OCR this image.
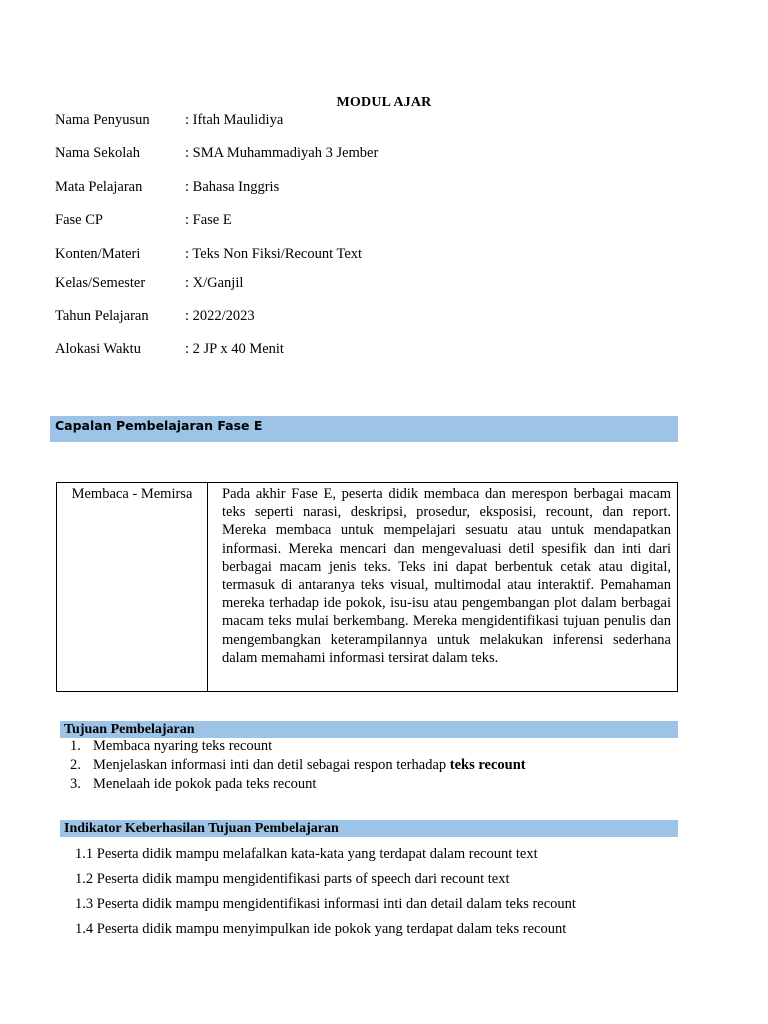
MODUL AJAR
Nama Penyusun : Iftah Maulidiya
Nama Sekolah	: SMA Muhammadiyah 3 Jember
Mata Pelajaran	: Bahasa Inggris
Fase CP	: Fase E
Konten/Materi	: Teks Non Fiksi/Recount Text
Kelas/Semester	: X/Ganjil
Tahun Pelajaran	: 2022/2023
Alokasi Waktu	: 2 JP x 40 Menit
Capalan Pembelajaran Fase E
Membaca - Memirsa	Pada akhir Fase E, peserta didik membaca dan merespon berbagai macam teks seperti narasi, deskripsi, prosedur, eksposisi, recount, dan report. Mereka membaca untuk mempelajari sesuatu atau untuk mendapatkan informasi. Mereka mencari dan mengevaluasi detil spesifik dan inti dari berbagai macam jenis teks. Teks ini dapat berbentuk cetak atau digital, termasuk di antaranya teks visual, multimodal atau interaktif. Pemahaman mereka terhadap ide pokok, isu-isu atau pengembangan plot dalam berbagai macam teks mulai berkembang. Mereka mengidentifikasi tujuan penulis dan mengembangkan keterampilannya untuk melakukan inferensi sederhana dalam memahami informasi tersirat dalam teks.
Tujuan Pembelajaran
1. Membaca nyaring teks recount
2. Menjelaskan informasi inti dan detil sebagai respon terhadap teks recount
3. Menelaah ide pokok pada teks recount
Indikator Keberhasilan Tujuan Pembelajaran
1.1 Peserta didik mampu melafalkan kata-kata yang terdapat dalam recount text
1.2 Peserta didik mampu mengidentifikasi parts of speech dari recount text
1.3 Peserta didik mampu mengidentifikasi informasi inti dan detail dalam teks recount
1.4 Peserta didik mampu menyimpulkan ide pokok yang terdapat dalam teks recount
